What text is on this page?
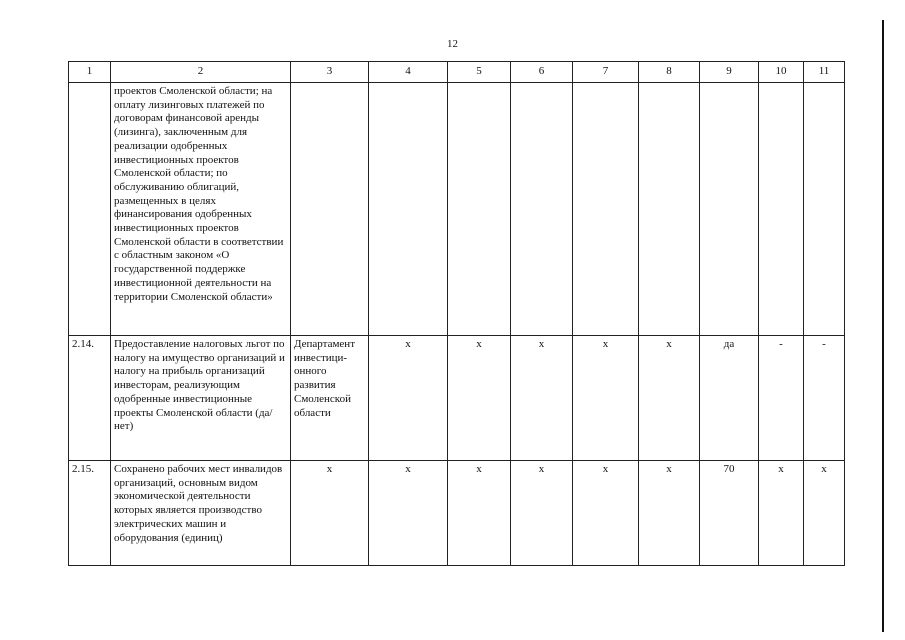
12
1	2	3	4	5	6	7	8	9	10	11
	проектов Смоленской области; на оплату лизинговых платежей по договорам финансовой аренды (лизинга), заключенным для реализации одобренных инвестиционных проектов Смоленской области; по обслуживанию облигаций, размещенных в целях финансирования одобренных инвестиционных проектов Смоленской области в соответствии с областным законом «О государственной поддержке инвестиционной деятельности на территории Смоленской области»									
2.14.	Предоставление налоговых льгот по налогу на имущество организаций и налогу на прибыль организаций инвесторам, реализующим одобренные инвестиционные проекты Смоленской области (да/нет)	Департамент инвестици-онного развития Смоленской области	x	x	x	x	x	да	-	-
2.15.	Сохранено рабочих мест инвалидов организаций, основным видом экономической деятельности которых является производство электрических машин и оборудования (единиц)	x	x	x	x	x	x	70	x	x
